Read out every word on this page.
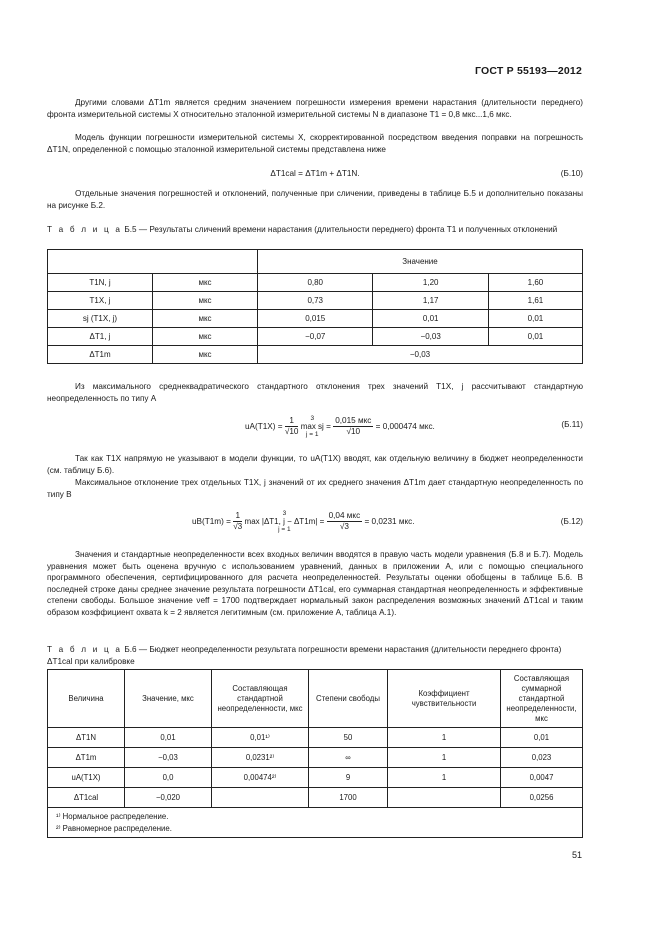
ГОСТ Р 55193—2012
Другими словами ΔT1m является средним значением погрешности измерения времени нарастания (длительности переднего) фронта измерительной системы X относительно эталонной измерительной системы N в диапазоне T1 = 0,8 мкс...1,6 мкс.
Модель функции погрешности измерительной системы X, скорректированной посредством введения поправки на погрешность ΔT1N, определенной с помощью эталонной измерительной системы представлена ниже
ΔT1cal = ΔT1m + ΔT1N.	(Б.10)
Отдельные значения погрешностей и отклонений, полученные при сличении, приведены в таблице Б.5 и дополнительно показаны на рисунке Б.2.
Т а б л и ц а Б.5 — Результаты сличений времени нарастания (длительности переднего) фронта T1 и полученных отклонений
		Значение		
T1N, j	мкс	0,80	1,20	1,60
T1X, j	мкс	0,73	1,17	1,61
sj (T1X, j)	мкс	0,015	0,01	0,01
ΔT1, j	мкс	−0,07	−0,03	0,01
ΔT1m	мкс	−0,03		
Из максимального среднеквадратического стандартного отклонения трех значений T1X, j рассчитывают стандартную неопределенность по типу А
$uA(T1X) = \frac{1}{√10}$
	3
max sj
j = 1
= $\frac{\text{0,015 мкс}}{√10} = 0,000474$ мкс.	(Б.11)
Так как T1X напрямую не указывают в модели функции, то uA(T1X) вводят, как отдельную величину в бюджет неопределенности (см. таблицу Б.6).
Максимальное отклонение трех отдельных T1X, j значений от их среднего значения ΔT1m дает стандартную неопределенность по типу В
$uB(T1m) = \frac{1}{√3}$
	3
max |ΔT1, j − ΔT1m| =
j = 1
	$\frac{\text{0,04 мкс}}{√3} = 0,0231$ мкс.	(Б.12)
Значения и стандартные неопределенности всех входных величин вводятся в правую часть модели уравнения (Б.8 и Б.7). Модель уравнения может быть оценена вручную с использованием уравнений, данных в приложении А, или с помощью специального программного обеспечения, сертифицированного для расчета неопределенностей. Результаты оценки обобщены в таблице Б.6. В последней строке даны среднее значение результата погрешности ΔT1cal, его суммарная стандартная неопределенность и эффективные степени свободы. Большое значение νeff = 1700 подтверждает нормальный закон распределения возможных значений ΔT1cal и таким образом коэффициент охвата k = 2 является легитимным (см. приложение А, таблица А.1).
Т а б л и ц а Б.6 — Бюджет неопределенности результата погрешности времени нарастания (длительности переднего фронта) ΔT1cal при калибровке
Величина	Значение, мкс	Составляющая стандартной неопределенности, мкс	Степени свободы	Коэффициент чувствительности	Составляющая суммарной стандартной неопределенности, мкс
ΔT1N	0,01	0,01¹⁾	50	1	0,01
ΔT1m	−0,03	0,0231²⁾	∞	1	0,023
uA(T1X)	0,0	0,00474²⁾	9	1	0,0047
ΔT1cal	−0,020		1700		0,0256

¹⁾ Нормальное распределение.
²⁾ Равномерное распределение.					
51
